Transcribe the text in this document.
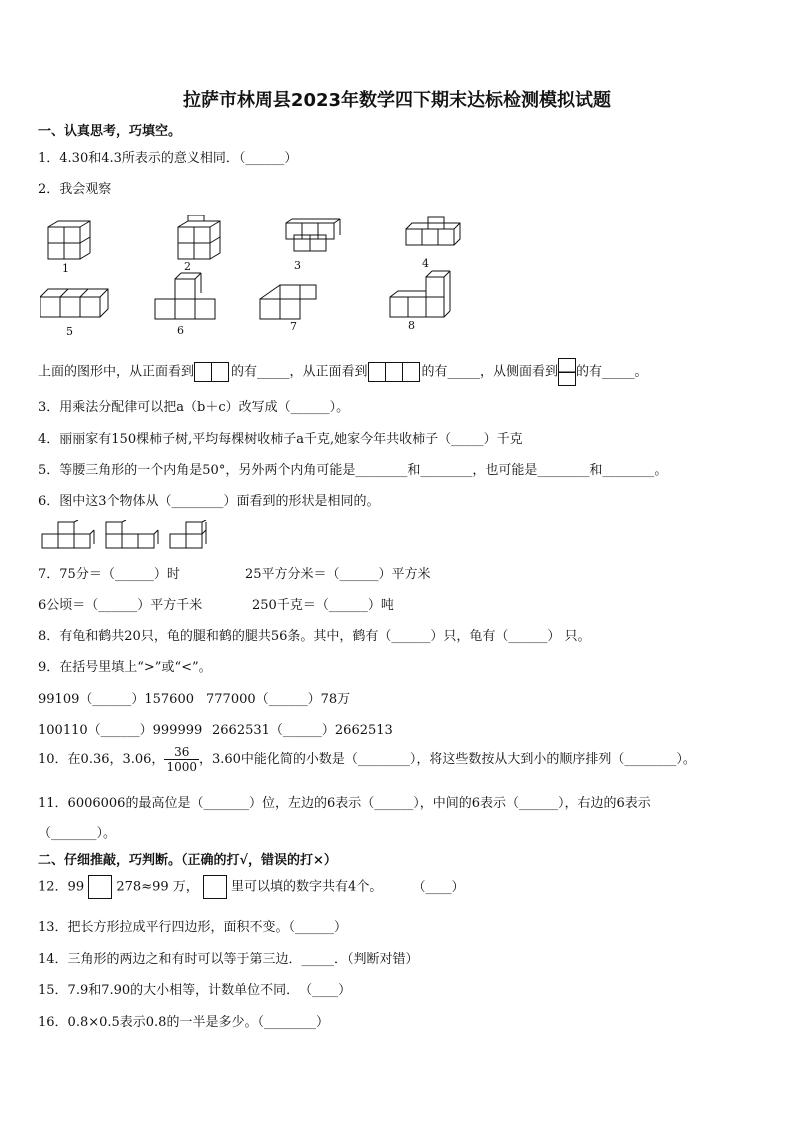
拉萨市林周县2023年数学四下期末达标检测模拟试题
一、认真思考，巧填空。
1．4.30和4.3所表示的意义相同．（______）
2．我会观察
1	2	3	4
5	6	7	8
上面的图形中，从正面看到	的有_____，从正面看到	的有_____，从侧面看到 的有_____。
3．用乘法分配律可以把a（b＋c）改写成（______）。
4．丽丽家有150棵柿子树,平均每棵树收柿子a千克,她家今年共收柿子（_____）千克
5．等腰三角形的一个内角是50°，另外两个内角可能是________和________，也可能是________和________。
6．图中这3个物体从（________）面看到的形状是相同的。
7．75分＝（______）时	25平方分米＝（______）平方米
6公顷＝（______）平方千米	250千克＝（______）吨
8．有龟和鹤共20只，龟的腿和鹤的腿共56条。其中，鹤有（______）只，龟有（______） 只。
9．在括号里填上“>”或“<”。
99109（______）157600 777000（______）78万
100110（______）999999 2662531（______）2662513
10．在0.36，3.06， $\frac{36}{1000}$ ，3.60中能化简的小数是（________），将这些数按从大到小的顺序排列（________）。
11．6006006的最高位是（_______）位，左边的6表示（______），中间的6表示（______），右边的6表示
（_______）。
二、仔细推敲，巧判断。（正确的打√，错误的打×）
12．99 278≈99 万， 里可以填的数字共有4个。 （____）
13．把长方形拉成平行四边形，面积不变。（______）
14．三角形的两边之和有时可以等于第三边．_____．（判断对错）
15．7.9和7.90的大小相等，计数单位不同．　（____）
16．0.8×0.5表示0.8的一半是多少。（________）
